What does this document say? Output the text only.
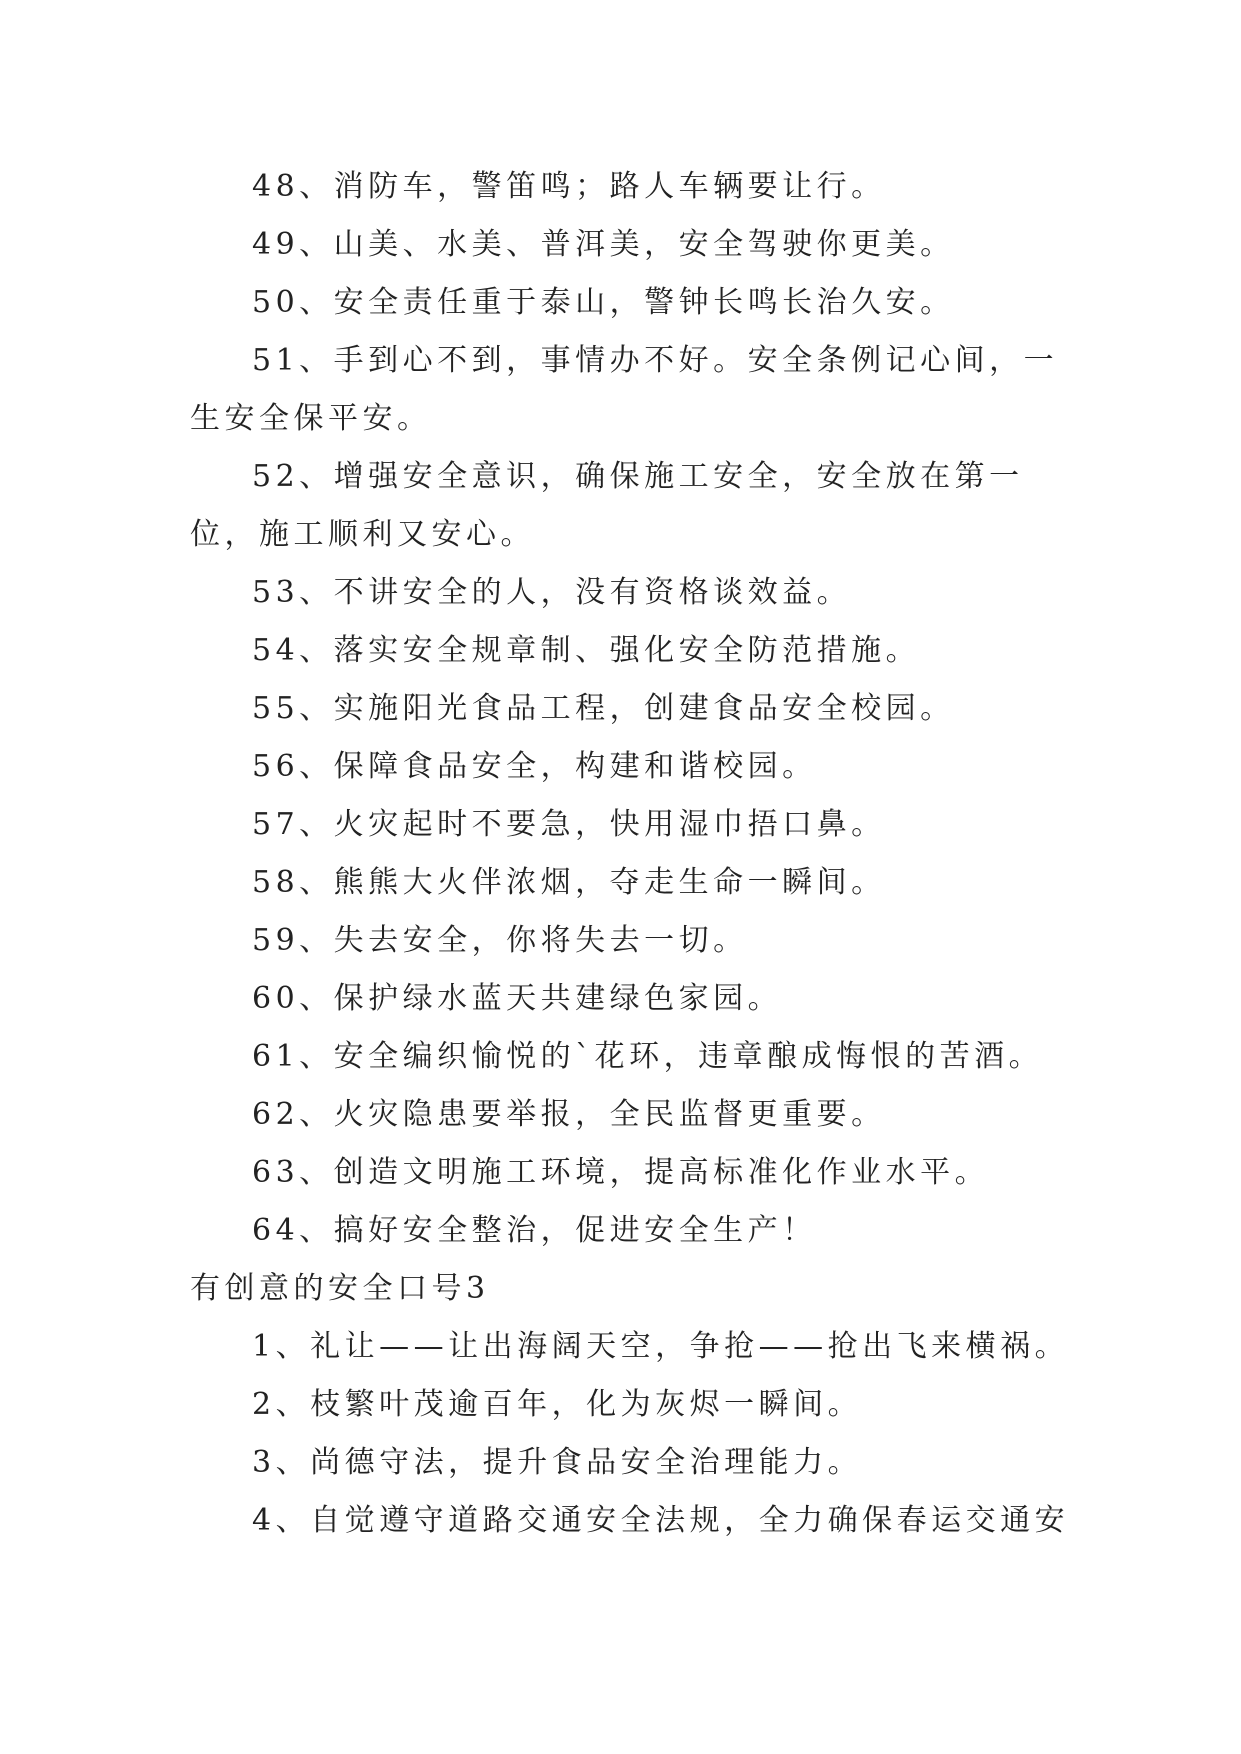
48、消防车，警笛鸣；路人车辆要让行。

49、山美、水美、普洱美，安全驾驶你更美。

50、安全责任重于泰山，警钟长鸣长治久安。

51、手到心不到，事情办不好。安全条例记心间，一生安全保平安。

52、增强安全意识，确保施工安全，安全放在第一位，施工顺利又安心。

53、不讲安全的人，没有资格谈效益。

54、落实安全规章制、强化安全防范措施。

55、实施阳光食品工程，创建食品安全校园。

56、保障食品安全，构建和谐校园。

57、火灾起时不要急，快用湿巾捂口鼻。

58、熊熊大火伴浓烟，夺走生命一瞬间。

59、失去安全，你将失去一切。

60、保护绿水蓝天共建绿色家园。

61、安全编织愉悦的`花环，违章酿成悔恨的苦酒。

62、火灾隐患要举报，全民监督更重要。

63、创造文明施工环境，提高标准化作业水平。

64、搞好安全整治，促进安全生产！

有创意的安全口号3

1、礼让——让出海阔天空，争抢——抢出飞来横祸。

2、枝繁叶茂逾百年，化为灰烬一瞬间。

3、尚德守法，提升食品安全治理能力。

4、自觉遵守道路交通安全法规，全力确保春运交通安
